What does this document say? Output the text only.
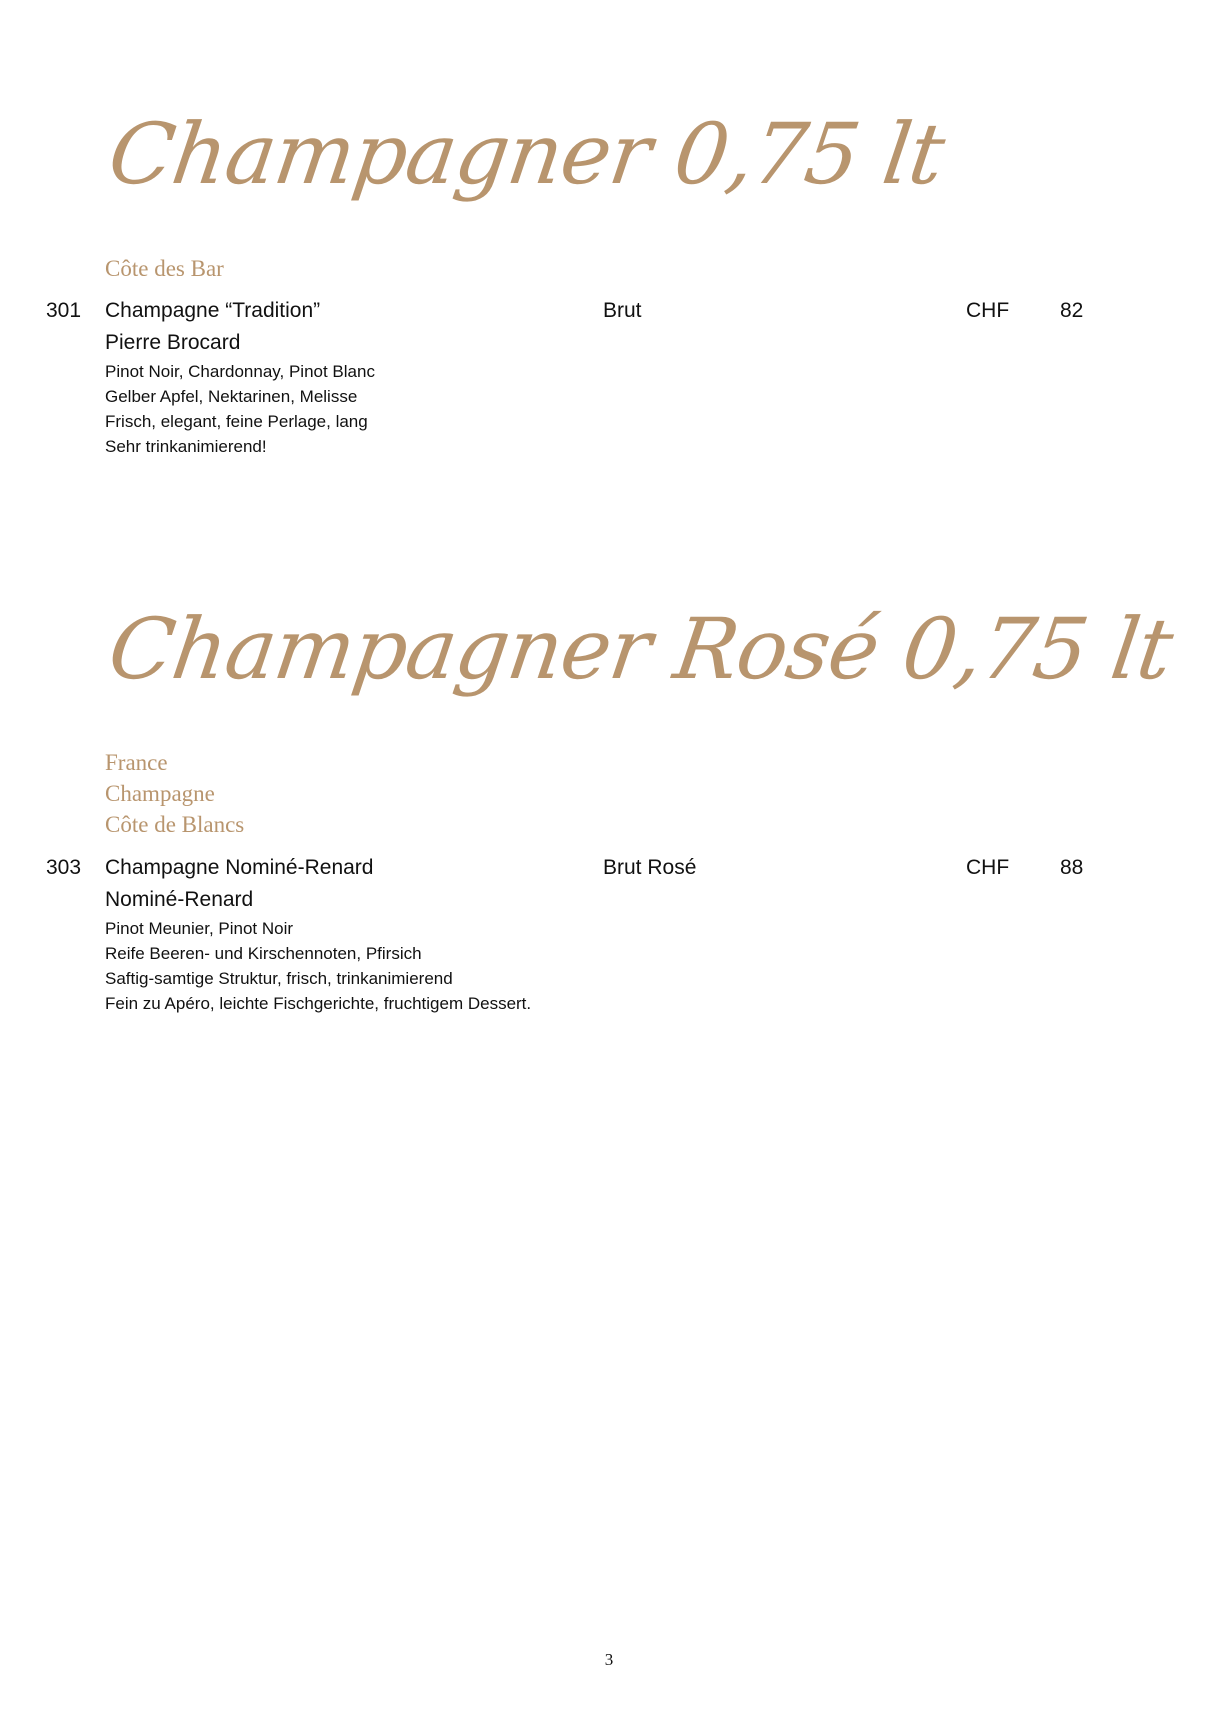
Champagner 0,75 lt
Côte des Bar
301 Champagne “Tradition”	Brut	CHF 82
Pierre Brocard
Pinot Noir, Chardonnay, Pinot Blanc
Gelber Apfel, Nektarinen, Melisse
Frisch, elegant, feine Perlage, lang
Sehr trinkanimierend!
Champagner Rosé 0,75 lt
France
Champagne
Côte de Blancs
303 Champagne Nominé-Renard	Brut Rosé	CHF 88
Nominé-Renard
Pinot Meunier, Pinot Noir
Reife Beeren- und Kirschennoten, Pfirsich
Saftig-samtige Struktur, frisch, trinkanimierend
Fein zu Apéro, leichte Fischgerichte, fruchtigem Dessert.
3
